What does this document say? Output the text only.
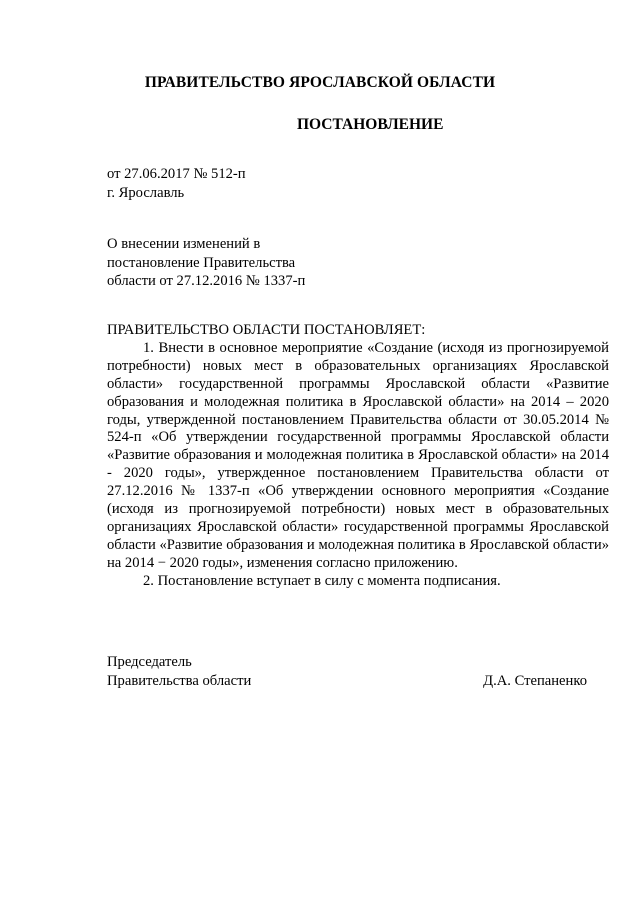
ПРАВИТЕЛЬСТВО ЯРОСЛАВСКОЙ ОБЛАСТИ
ПОСТАНОВЛЕНИЕ
от 27.06.2017 № 512-п
г. Ярославль
О внесении изменений в
постановление Правительства
области от 27.12.2016 № 1337-п

ПРАВИТЕЛЬСТВО ОБЛАСТИ ПОСТАНОВЛЯЕТ:

1. Внести в основное мероприятие «Создание (исходя из прогнозируемой потребности) новых мест в образовательных организациях Ярославской области» государственной программы Ярославской области «Развитие образования и молодежная политика в Ярославской области» на 2014 – 2020 годы, утвержденной постановлением Правительства области от 30.05.2014 № 524-п «Об утверждении государственной программы Ярославской области «Развитие образования и молодежная политика в Ярославской области» на 2014 - 2020 годы», утвержденное постановлением Правительства области от 27.12.2016 № 1337-п «Об утверждении основного мероприятия «Создание (исходя из прогнозируемой потребности) новых мест в образовательных организациях Ярославской области» государственной программы Ярославской области «Развитие образования и молодежная политика в Ярославской области» на 2014 − 2020 годы», изменения согласно приложению.

2. Постановление вступает в силу с момента подписания.

Председатель
Правительства области	Д.А. Степаненко
